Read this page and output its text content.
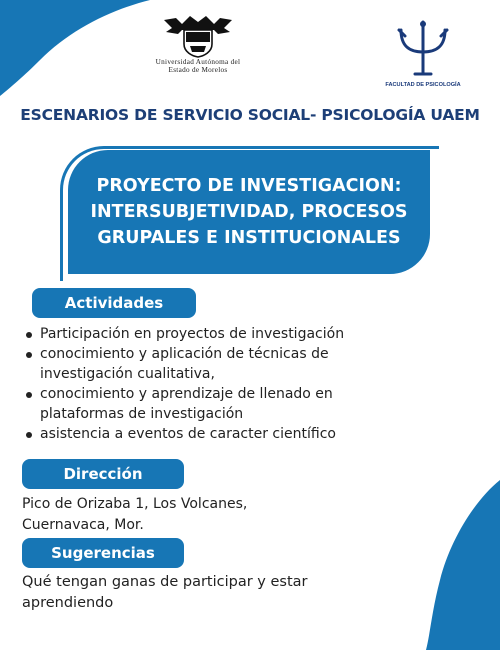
Universidad Autónoma del
Estado de Morelos
FACULTAD DE PSICOLOGÍA
ESCENARIOS DE SERVICIO SOCIAL- PSICOLOGÍA UAEM
PROYECTO DE INVESTIGACION:
INTERSUBJETIVIDAD, PROCESOS
GRUPALES E INSTITUCIONALES
Actividades
Participación en proyectos de investigación
conocimiento y aplicación de técnicas de
investigación cualitativa,
conocimiento y aprendizaje de llenado en
plataformas de investigación
asistencia a eventos de caracter científico
Dirección
Pico de Orizaba 1, Los Volcanes,
Cuernavaca, Mor.
Sugerencias
Qué tengan ganas de participar y estar
aprendiendo
